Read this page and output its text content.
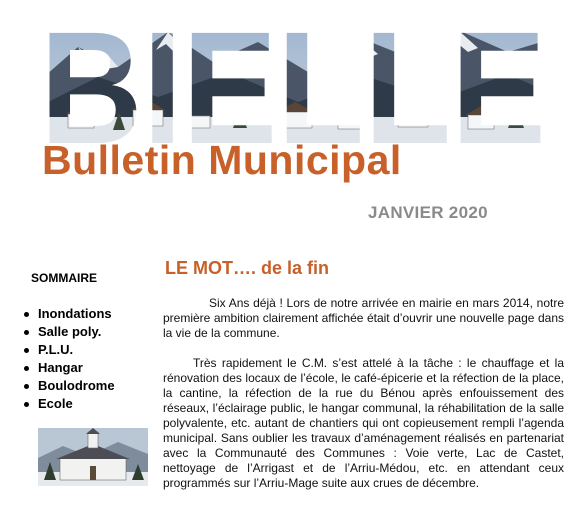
Bulletin Municipal
JANVIER 2020
SOMMAIRE
Inondations
Salle poly.
P.L.U.
Hangar
Boulodrome
Ecole
LE MOT…. de la fin

Six Ans déjà ! Lors de notre arrivée en mairie en mars 2014, notre première ambition clairement affichée était d’ouvrir une nouvelle page dans la vie de la commune.

Très rapidement le C.M. s’est attelé à la tâche : le chauffage et la rénovation des locaux de l’école, le café-épicerie et la réfection de la place, la cantine, la réfection de la rue du Bénou après enfouissement des réseaux, l’éclairage public, le hangar communal, la réhabilitation de la salle polyvalente, etc. autant de chantiers qui ont copieusement rempli l’agenda municipal. Sans oublier les travaux d’aménagement réalisés en partenariat avec la Communauté des Communes : Voie verte, Lac de Castet, nettoyage de l’Arrigast et de l’Arriu-Médou, etc. en attendant ceux programmés sur l’Arriu-Mage suite aux crues de décembre.
